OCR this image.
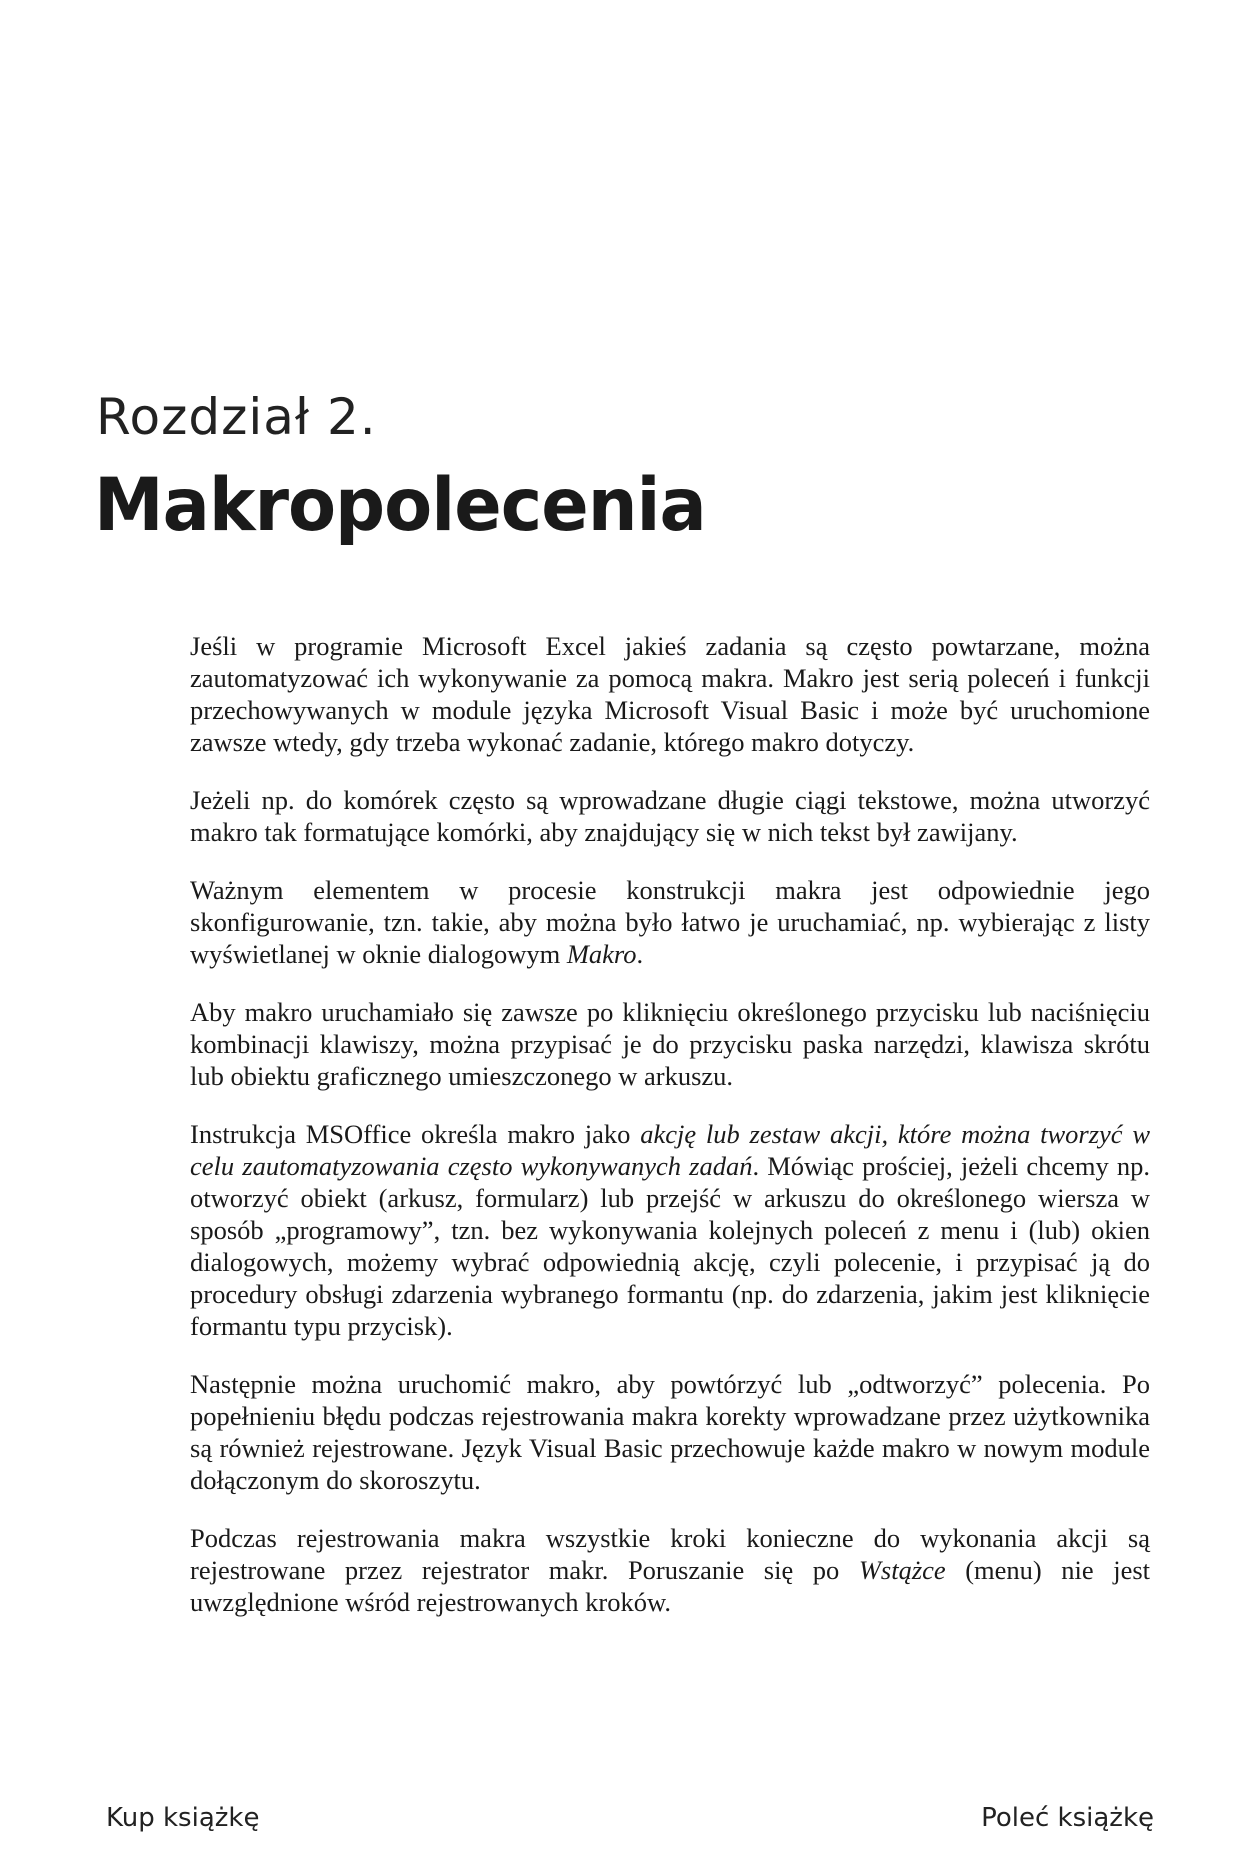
Rozdział 2.
Makropolecenia

Jeśli w programie Microsoft Excel jakieś zadania są często powtarzane, można zautomatyzować ich wykonywanie za pomocą makra. Makro jest serią poleceń i funkcji przechowywanych w module języka Microsoft Visual Basic i może być uruchomione zawsze wtedy, gdy trzeba wykonać zadanie, którego makro dotyczy.

Jeżeli np. do komórek często są wprowadzane długie ciągi tekstowe, można utworzyć makro tak formatujące komórki, aby znajdujący się w nich tekst był zawijany.

Ważnym elementem w procesie konstrukcji makra jest odpowiednie jego skonfigurowanie, tzn. takie, aby można było łatwo je uruchamiać, np. wybierając z listy wyświetlanej w oknie dialogowym Makro.

Aby makro uruchamiało się zawsze po kliknięciu określonego przycisku lub naciśnięciu kombinacji klawiszy, można przypisać je do przycisku paska narzędzi, klawisza skrótu lub obiektu graficznego umieszczonego w arkuszu.

Instrukcja MSOffice określa makro jako akcję lub zestaw akcji, które można tworzyć w celu zautomatyzowania często wykonywanych zadań. Mówiąc prościej, jeżeli chcemy np. otworzyć obiekt (arkusz, formularz) lub przejść w arkuszu do określonego wiersza w sposób „programowy”, tzn. bez wykonywania kolejnych poleceń z menu i (lub) okien dialogowych, możemy wybrać odpowiednią akcję, czyli polecenie, i przypisać ją do procedury obsługi zdarzenia wybranego formantu (np. do zdarzenia, jakim jest kliknięcie formantu typu przycisk).

Następnie można uruchomić makro, aby powtórzyć lub „odtworzyć” polecenia. Po popełnieniu błędu podczas rejestrowania makra korekty wprowadzane przez użytkownika są również rejestrowane. Język Visual Basic przechowuje każde makro w nowym module dołączonym do skoroszytu.

Podczas rejestrowania makra wszystkie kroki konieczne do wykonania akcji są rejestrowane przez rejestrator makr. Poruszanie się po Wstążce (menu) nie jest uwzględnione wśród rejestrowanych kroków.

Kup książkę	Poleć książkę
